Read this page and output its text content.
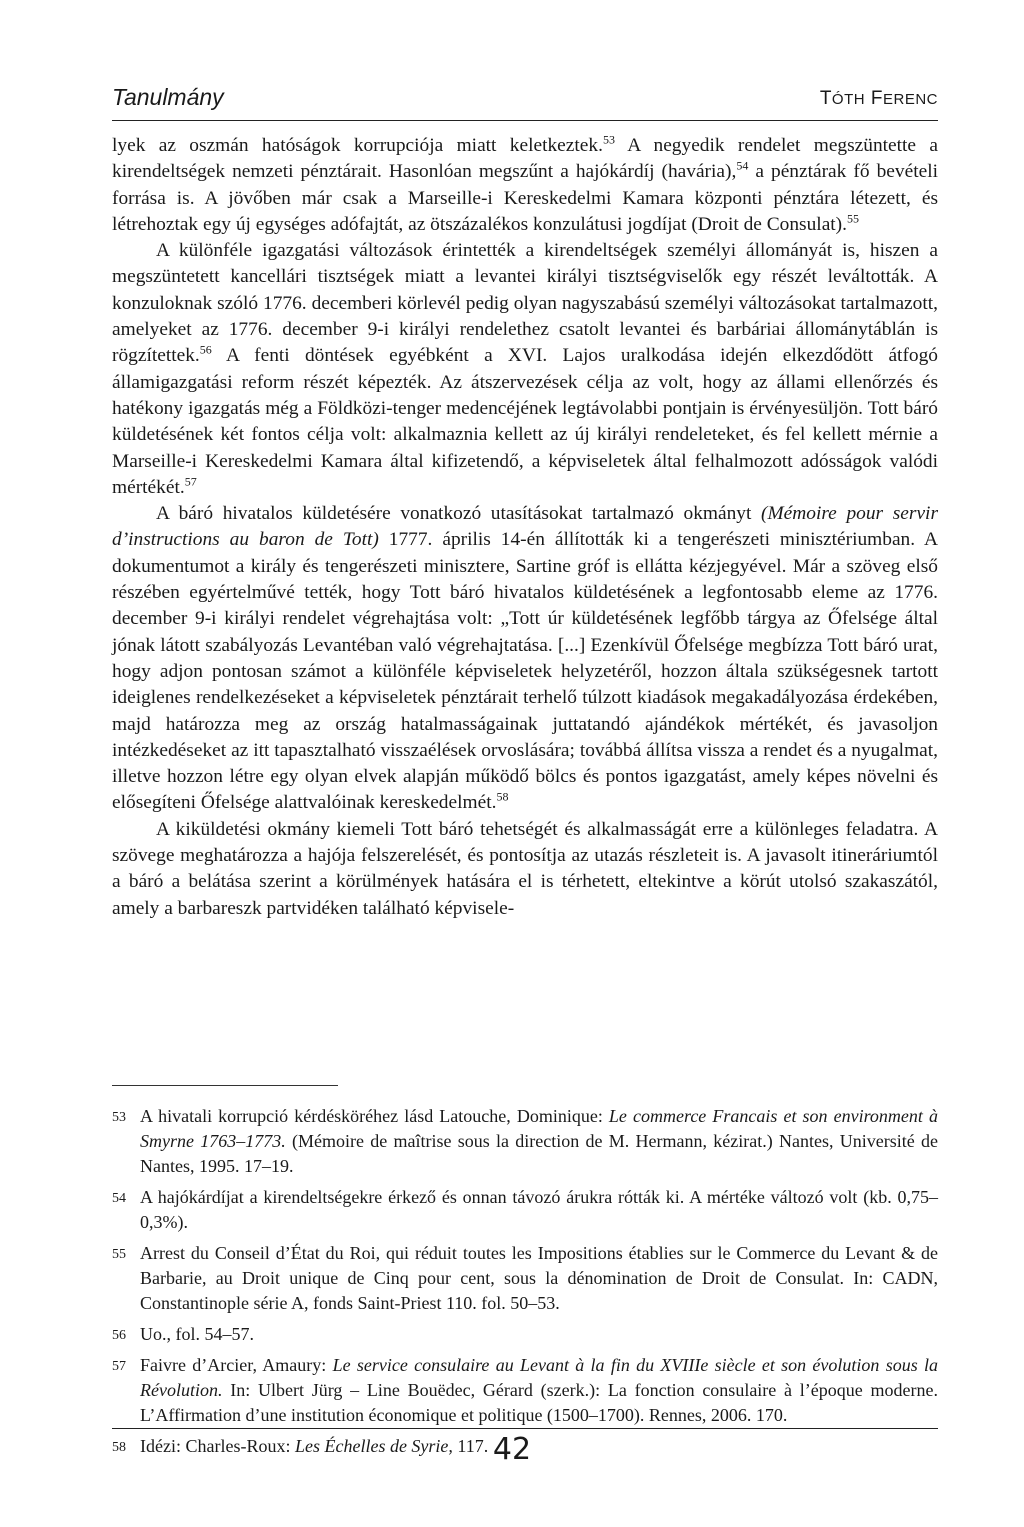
Tanulmány	TÓTH FERENC

lyek az oszmán hatóságok korrupciója miatt keletkeztek.$^{53}$ A negyedik rendelet megszüntette a kirendeltségek nemzeti pénztárait. Hasonlóan megszűnt a hajókárdíj (havária),$^{54}$ a pénztárak fő bevételi forrása is. A jövőben már csak a Marseille-i Kereskedelmi Kamara központi pénztára létezett, és létrehoztak egy új egységes adófajtát, az ötszázalékos konzulátusi jogdíjat (Droit de Consulat).$^{55}$

A különféle igazgatási változások érintették a kirendeltségek személyi állományát is, hiszen a megszüntetett kancellári tisztségek miatt a levantei királyi tisztségviselők egy részét leváltották. A konzuloknak szóló 1776. decemberi körlevél pedig olyan nagyszabású személyi változásokat tartalmazott, amelyeket az 1776. december 9-i királyi rendelethez csatolt levantei és barbáriai állománytáblán is rögzítettek.$^{56}$ A fenti döntések egyébként a XVI. Lajos uralkodása idején elkezdődött átfogó államigazgatási reform részét képezték. Az átszervezések célja az volt, hogy az állami ellenőrzés és hatékony igazgatás még a Földközi-tenger medencéjének legtávolabbi pontjain is érvényesüljön. Tott báró küldetésének két fontos célja volt: alkalmaznia kellett az új királyi rendeleteket, és fel kellett mérnie a Marseille-i Kereskedelmi Kamara által kifizetendő, a képviseletek által felhalmozott adósságok valódi mértékét.$^{57}$

A báró hivatalos küldetésére vonatkozó utasításokat tartalmazó okmányt (Mémoire pour servir d’instructions au baron de Tott) 1777. április 14-én állították ki a tengerészeti minisztériumban. A dokumentumot a király és tengerészeti minisztere, Sartine gróf is ellátta kézjegyével. Már a szöveg első részében egyértelművé tették, hogy Tott báró hivatalos küldetésének a legfontosabb eleme az 1776. december 9-i királyi rendelet végrehajtása volt: „Tott úr küldetésének legfőbb tárgya az Őfelsége által jónak látott szabályozás Levantéban való végrehajtatása. [...] Ezenkívül Őfelsége megbízza Tott báró urat, hogy adjon pontosan számot a különféle képviseletek helyzetéről, hozzon általa szükségesnek tartott ideiglenes rendelkezéseket a képviseletek pénztárait terhelő túlzott kiadások megakadályozása érdekében, majd határozza meg az ország hatalmasságainak juttatandó ajándékok mértékét, és javasoljon intézkedéseket az itt tapasztalható visszaélések orvoslására; továbbá állítsa vissza a rendet és a nyugalmat, illetve hozzon létre egy olyan elvek alapján működő bölcs és pontos igazgatást, amely képes növelni és elősegíteni Őfelsége alattvalóinak kereskedelmét.$^{58}$

A kiküldetési okmány kiemeli Tott báró tehetségét és alkalmasságát erre a különleges feladatra. A szövege meghatározza a hajója felszerelését, és pontosítja az utazás részleteit is. A javasolt itineráriumtól a báró a belátása szerint a körülmények hatására el is térhetett, eltekintve a körút utolsó szakaszától, amely a barbareszk partvidéken található képvisele-

53 A hivatali korrupció kérdésköréhez lásd Latouche, Dominique: Le commerce Francais et son environment à Smyrne 1763–1773. (Mémoire de maîtrise sous la direction de M. Hermann, kézirat.) Nantes, Université de Nantes, 1995. 17–19.
54 A hajókárdíjat a kirendeltségekre érkező és onnan távozó árukra rótták ki. A mértéke változó volt (kb. 0,75–0,3%).
55 Arrest du Conseil d’État du Roi, qui réduit toutes les Impositions établies sur le Commerce du Levant & de Barbarie, au Droit unique de Cinq pour cent, sous la dénomination de Droit de Consulat. In: CADN, Constantinople série A, fonds Saint-Priest 110. fol. 50–53.
56 Uo., fol. 54–57.
57 Faivre d’Arcier, Amaury: Le service consulaire au Levant à la fin du XVIIIe siècle et son évolution sous la Révolution. In: Ulbert Jürg – Line Bouëdec, Gérard (szerk.): La fonction consulaire à l’époque moderne. L’Affirmation d’une institution économique et politique (1500–1700). Rennes, 2006. 170.
58 Idézi: Charles-Roux: Les Échelles de Syrie, 117. 42
